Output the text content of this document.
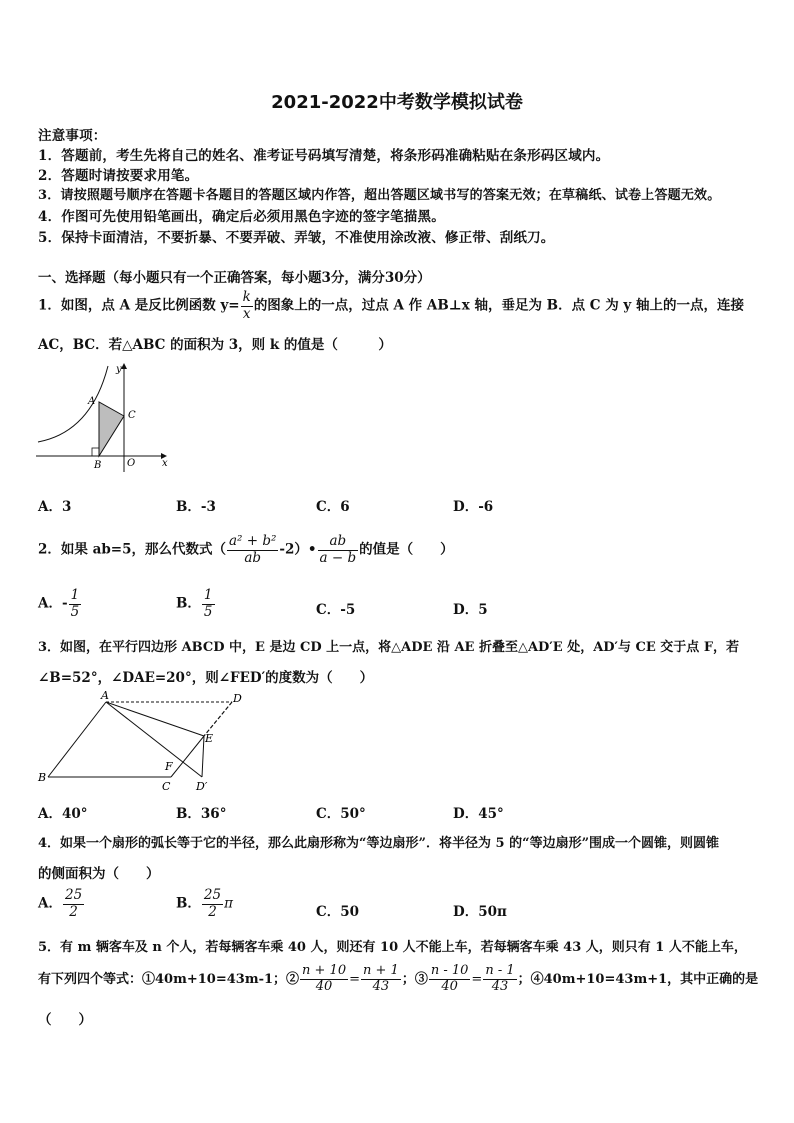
2021-2022中考数学模拟试卷
注意事项：
1．答题前，考生先将自己的姓名、准考证号码填写清楚，将条形码准确粘贴在条形码区域内。
2．答题时请按要求用笔。
3．请按照题号顺序在答题卡各题目的答题区域内作答，超出答题区域书写的答案无效；在草稿纸、试卷上答题无效。
4．作图可先使用铅笔画出，确定后必须用黑色字迹的签字笔描黑。
5．保持卡面清洁，不要折暴、不要弄破、弄皱，不准使用涂改液、修正带、刮纸刀。
一、选择题（每小题只有一个正确答案，每小题3分，满分30分）
1．如图，点 A 是反比例函数 $y= \frac{k}{x}$ 的图象上的一点，过点 A 作 AB⊥x 轴，垂足为 B．点 C 为 y 轴上的一点，连接
AC，BC．若△ABC 的面积为 3，则 k 的值是（　　　）
y
A
C
B	O	x
A．3	B．-3	C．6	D．-6
2．如果 ab=5，那么代数式（ $\frac{\text{a² + b²}}{ab}$ -2）• $\frac{ab}{a - b}$ 的值是（　　）
A．- $\frac{1}{5}$	B． $\frac{1}{5}$	C．-5	D．5
3．如图，在平行四边形 ABCD 中，E 是边 CD 上一点，将△ADE 沿 AE 折叠至△AD′E 处，AD′与 CE 交于点 F，若
∠B=52°，∠DAE=20°，则∠FED′的度数为（　　）
A	D
E
F
B
C D′
A．40°	B．36°	C．50°	D．45°
4．如果一个扇形的弧长等于它的半径，那么此扇形称为“等边扇形”．将半径为 5 的“等边扇形”围成一个圆锥，则圆锥
的侧面积为（　　）
A． $\frac{25}{2}$	B． $\frac{25}{2}$ π
C．50	D．50π
5．有 m 辆客车及 n 个人，若每辆客车乘 40 人，则还有 10 人不能上车，若每辆客车乘 43 人，则只有 1 人不能上车，
有下列四个等式：①40m+10=43m-1；② $\frac{n + 10}{40} = \frac{n + 1}{43}$ ；③ $\frac{n - 10}{40} = \frac{n - 1}{43}$ ；④40m+10=43m+1，其中正确的是
（　　）
